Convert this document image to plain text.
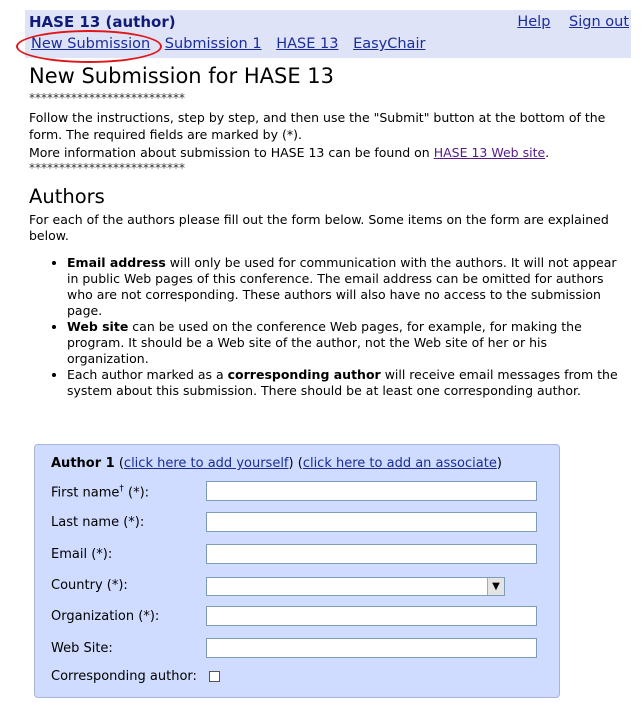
HASE 13 (author)	Help Sign out
New Submission Submission 1 HASE 13 EasyChair
New Submission for HASE 13
**************************

Follow the instructions, step by step, and then use the "Submit" button at the bottom of the form. The required fields are marked by (*).

More information about submission to HASE 13 can be found on HASE 13 Web site.

**************************
Authors

For each of the authors please fill out the form below. Some items on the form are explained below.

• Email address will only be used for communication with the authors. It will not appear in public Web pages of this conference. The email address can be omitted for authors who are not corresponding. These authors will also have no access to the submission page.
• Web site can be used on the conference Web pages, for example, for making the program. It should be a Web site of the author, not the Web site of her or his organization.
• Each author marked as a corresponding author will receive email messages from the system about this submission. There should be at least one corresponding author.
Author 1 (click here to add yourself) (click here to add an associate)
First name† (*):
Last name (*):
Email (*):
Country (*):	▼
Organization (*):
Web Site:
Corresponding author:
